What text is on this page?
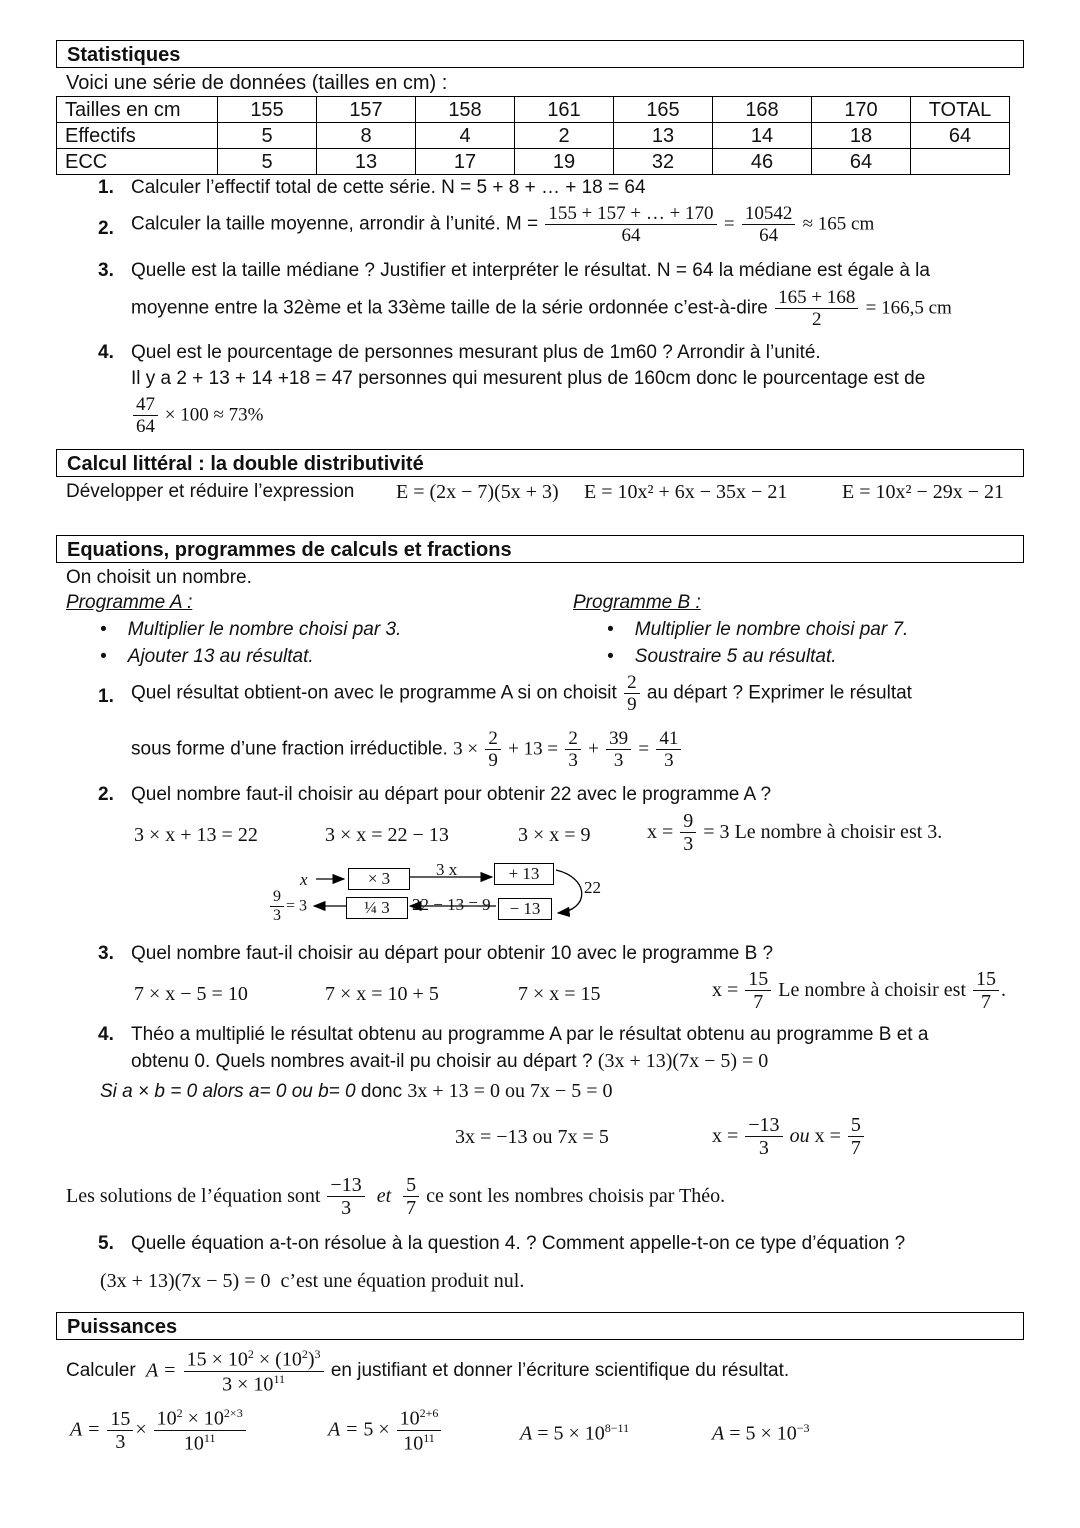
Statistiques
Voici une série de données (tailles en cm) :
Tailles en cm	155	157	158	161	165	168	170	TOTAL
Effectifs	5	8	4	2	13	14	18	64
ECC	5	13	17	19	32	46	64	
1. Calculer l’effectif total de cette série. N = 5 + 8 + … + 18 = 64
2. Calculer la taille moyenne, arrondir à l’unité. $M = \frac{155 + 157 + \dots + 170}{64} = \frac{10542}{64} \approx 165$ cm
3. Quelle est la taille médiane ? Justifier et interpréter le résultat. N = 64 la médiane est égale à la
moyenne entre la 32ème et la 33ème taille de la série ordonnée c’est-à-dire $\frac{165 + 168}{2} = 166,5$ cm
4. Quel est le pourcentage de personnes mesurant plus de 1m60 ? Arrondir à l’unité.
Il y a 2 + 13 + 14 +18 = 47 personnes qui mesurent plus de 160cm donc le pourcentage est de
$\frac{47}{64} \times 100 \approx 73\%$
Calcul littéral : la double distributivité
Développer et réduire l’expression E = (2x − 7)(5x + 3) E = 10x² + 6x − 35x − 21	E = 10x² − 29x − 21
Equations, programmes de calculs et fractions
On choisit un nombre.
Programme A :
•    Multiplier le nombre choisi par 3.
•    Ajouter 13 au résultat.
Programme B :
•    Multiplier le nombre choisi par 7.
•    Soustraire 5 au résultat.
1. Quel résultat obtient-on avec le programme A si on choisit $\frac{2}{9}$ au départ ? Exprimer le résultat
sous forme d’une fraction irréductible. $3 \times \frac{2}{9} + 13 = \frac{2}{3} + \frac{39}{3} = \frac{41}{3}$
2. Quel nombre faut-il choisir au départ pour obtenir 22 avec le programme A ?
3 × x + 13 = 22	3 × x = 22 − 13	3 × x = 9	$x = \frac{9}{3} = 3$ Le nombre à choisir est 3.
x	× 3	3 x	+ 13
22
¼ 3	22 − 13 = 9	− 13
$\frac{9}{3} = 3$
3. Quel nombre faut-il choisir au départ pour obtenir 10 avec le programme B ?
7 × x − 5 = 10	7 × x = 10 + 5	7 × x = 15	$x = \frac{15}{7}$ Le nombre à choisir est $\frac{15}{7}$ .
4. Théo a multiplié le résultat obtenu au programme A par le résultat obtenu au programme B et a
obtenu 0. Quels nombres avait-il pu choisir au départ ? (3x + 13)(7x − 5) = 0
Si a × b = 0 alors a= 0 ou b= 0 donc 3x + 13 = 0 ou 7x − 5 = 0
3x = −13 ou 7x = 5	$x = \frac{-13}{3}$ ou $x = \frac{5}{7}$
Les solutions de l’équation sont $\frac{-13}{3}$ et $\frac{5}{7}$ ce sont les nombres choisis par Théo.
5. Quelle équation a-t-on résolue à la question 4. ? Comment appelle-t-on ce type d’équation ?
(3x + 13)(7x − 5) = 0 c’est une équation produit nul.
Puissances
Calculer  $A = \frac{15 \times 10^2 \times (10^2)^3}{3 \times 10^{11}}$ en justifiant et donner l’écriture scientifique du résultat.
$A = \frac{15}{3} \times \frac{10^2 \times 10^{2\times 3}}{10^{11}}$	$A = 5 \times \frac{10^{2+6}}{10^{11}}$	$A = 5 \times 10^{8-11}$	$A = 5 \times 10^{-3}$
